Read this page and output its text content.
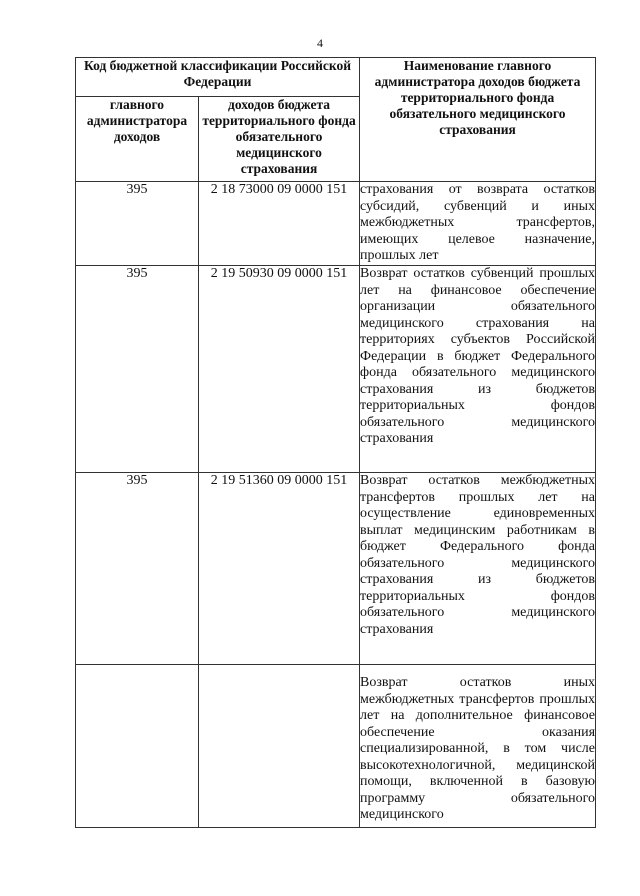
4
Код бюджетной классификации Российской Федерации		Наименование главного администратора доходов бюджета территориального фонда обязательного медицинского страхования
главного администратора доходов	доходов бюджета территориального фонда обязательного медицинского страхования	
395	2 18 73000 09 0000 151	страхования от возврата остатков субсидий, субвенций и иных межбюджетных трансфертов, имеющих целевое назначение, прошлых лет
395	2 19 50930 09 0000 151	Возврат остатков субвенций прошлых лет на финансовое обеспечение организации обязательного медицинского страхования на территориях субъектов Российской Федерации в бюджет Федерального фонда обязательного медицинского страхования из бюджетов территориальных фондов обязательного медицинского страхования
395	2 19 51360 09 0000 151	Возврат остатков межбюджетных трансфертов прошлых лет на осуществление единовременных выплат медицинским работникам в бюджет Федерального фонда обязательного медицинского страхования из бюджетов территориальных фондов обязательного медицинского страхования
		Возврат остатков иных межбюджетных трансфертов прошлых лет на дополнительное финансовое обеспечение оказания специализированной, в том числе высокотехнологичной, медицинской помощи, включенной в базовую программу обязательного медицинского
